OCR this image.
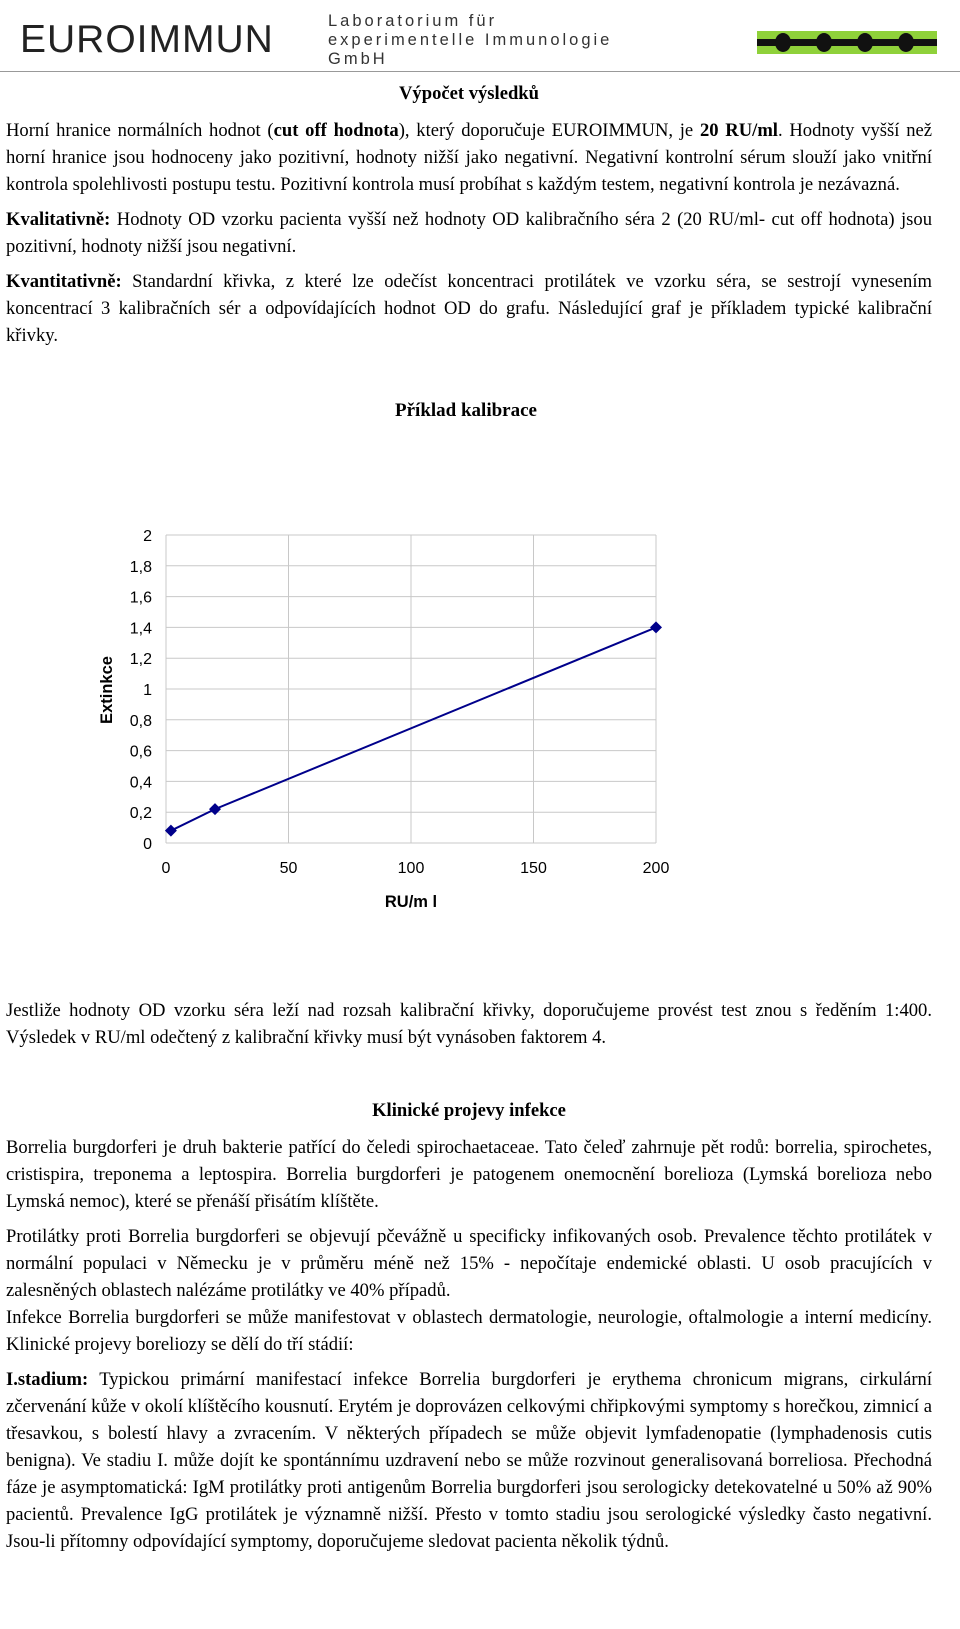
EUROIMMUN	Laboratorium für
experimentelle Immunologie
GmbH
Výpočet výsledků

Horní hranice normálních hodnot (cut off hodnota), který doporučuje EUROIMMUN, je 20 RU/ml. Hodnoty vyšší než horní hranice jsou hodnoceny jako pozitivní, hodnoty nižší jako negativní. Negativní kontrolní sérum slouží jako vnitřní kontrola spolehlivosti postupu testu. Pozitivní kontrola musí probíhat s každým testem, negativní kontrola je nezávazná.

Kvalitativně: Hodnoty OD vzorku pacienta vyšší než hodnoty OD kalibračního séra 2 (20 RU/ml- cut off hodnota) jsou pozitivní, hodnoty nižší jsou negativní.

Kvantitativně: Standardní křivka, z které lze odečíst koncentraci protilátek ve vzorku séra, se sestrojí vynesením koncentrací 3 kalibračních sér a odpovídajících hodnot OD do grafu. Následující graf je příkladem typické kalibrační křivky.

Příklad kalibrace
0
0,2
0,4
0,6
0,8
1
1,2
1,4
1,6
1,8
2
0	50	100	150	200
RU/m l
Extinkce

Jestliže hodnoty OD vzorku séra leží nad rozsah kalibrační křivky, doporučujeme provést test znou s ředěním 1:400. Výsledek v RU/ml odečtený z kalibrační křivky musí být vynásoben faktorem 4.

Klinické projevy infekce

Borrelia burgdorferi je druh bakterie patřící do čeledi spirochaetaceae. Tato čeleď zahrnuje pět rodů: borrelia, spirochetes, cristispira, treponema a leptospira. Borrelia burgdorferi je patogenem onemocnění borelioza (Lymská borelioza nebo Lymská nemoc), které se přenáší přisátím klíštěte.

Protilátky proti Borrelia burgdorferi se objevují pčevážně u specificky infikovaných osob. Prevalence těchto protilátek v normální populaci v Německu je v průměru méně než 15% - nepočítaje endemické oblasti. U osob pracujících v zalesněných oblastech nalézáme protilátky ve 40% případů.

Infekce Borrelia burgdorferi se může manifestovat v oblastech dermatologie, neurologie, oftalmologie a interní medicíny. Klinické projevy boreliozy se dělí do tří stádií:

I.stadium: Typickou primární manifestací infekce Borrelia burgdorferi je erythema chronicum migrans, cirkulární zčervenání kůže v okolí klíštěcího kousnutí. Erytém je doprovázen celkovými chřipkovými symptomy s horečkou, zimnicí a třesavkou, s bolestí hlavy a zvracením. V některých případech se může objevit lymfadenopatie (lymphadenosis cutis benigna). Ve stadiu I. může dojít ke spontánnímu uzdravení nebo se může rozvinout generalisovaná borreliosa. Přechodná fáze je asymptomatická: IgM protilátky proti antigenům Borrelia burgdorferi jsou serologicky detekovatelné u 50% až 90% pacientů. Prevalence IgG protilátek je významně nižší. Přesto v tomto stadiu jsou serologické výsledky často negativní. Jsou-li přítomny odpovídající symptomy, doporučujeme sledovat pacienta několik týdnů.
